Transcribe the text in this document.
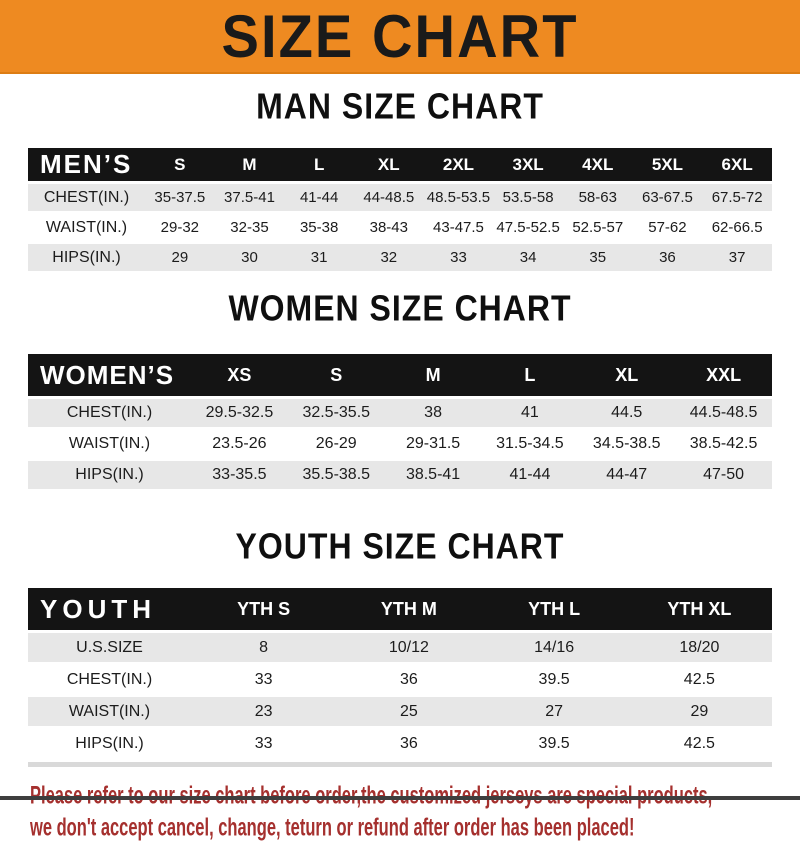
SIZE CHART
MAN SIZE CHART
MEN’S	S	M	L	XL	2XL	3XL	4XL	5XL	6XL
CHEST(IN.)	35-37.5	37.5-41	41-44	44-48.5	48.5-53.5	53.5-58	58-63	63-67.5	67.5-72
WAIST(IN.)	29-32	32-35	35-38	38-43	43-47.5	47.5-52.5	52.5-57	57-62	62-66.5
HIPS(IN.)	29	30	31	32	33	34	35	36	37
WOMEN SIZE CHART
WOMEN’S	XS	S	M	L	XL	XXL
CHEST(IN.)	29.5-32.5	32.5-35.5	38	41	44.5	44.5-48.5
WAIST(IN.)	23.5-26	26-29	29-31.5	31.5-34.5	34.5-38.5	38.5-42.5
HIPS(IN.)	33-35.5	35.5-38.5	38.5-41	41-44	44-47	47-50
YOUTH SIZE CHART
YOUTH	YTH S	YTH M	YTH L	YTH XL
U.S.SIZE	8	10/12	14/16	18/20
CHEST(IN.)	33	36	39.5	42.5
WAIST(IN.)	23	25	27	29
HIPS(IN.)	33	36	39.5	42.5
we don't accept cancel, change, teturn or refund after order has been placed!
